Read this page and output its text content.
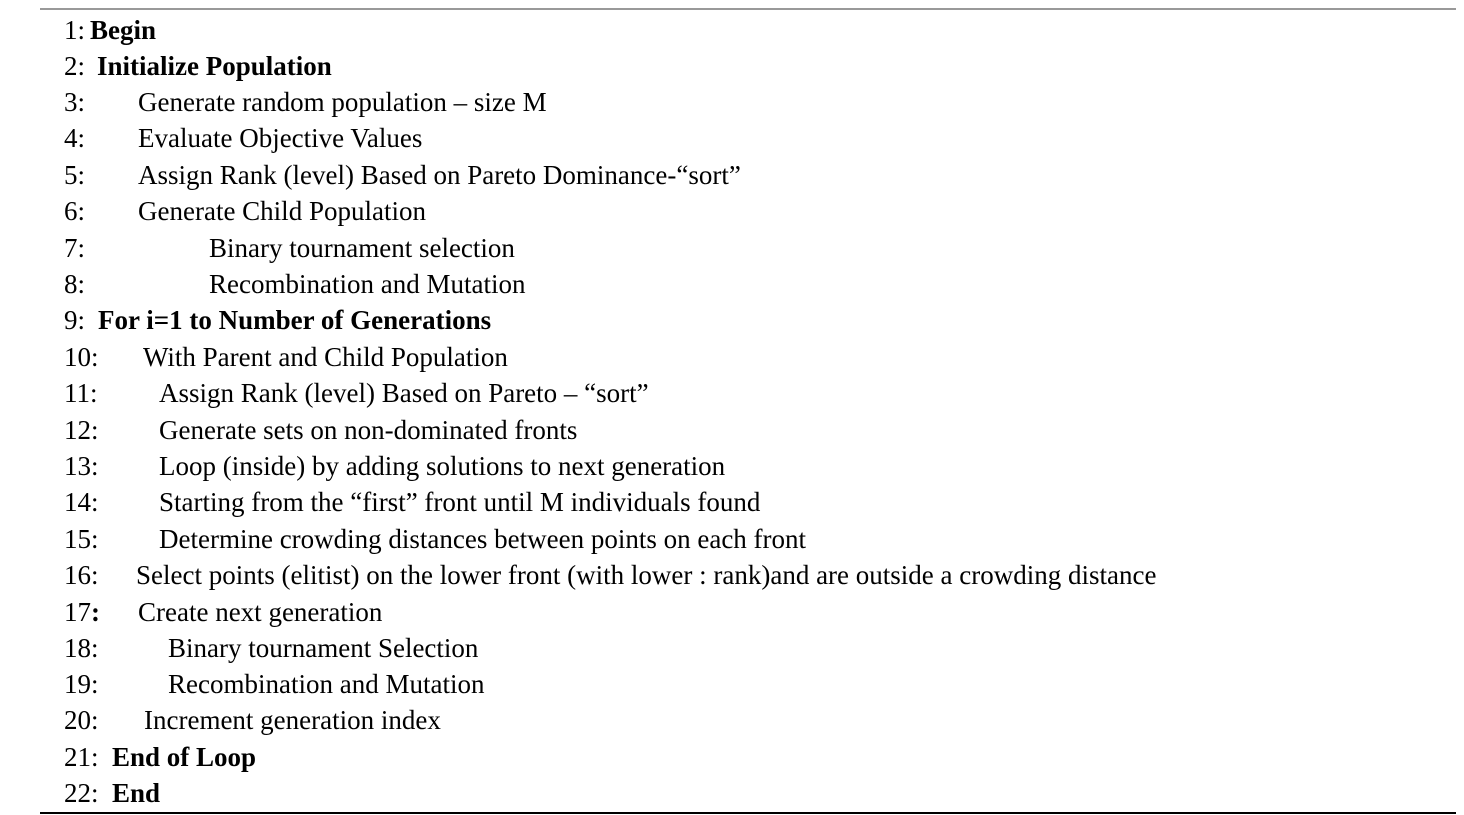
1: Begin
2: Initialize Population
3: Generate random population – size M
4: Evaluate Objective Values
5: Assign Rank (level) Based on Pareto Dominance-“sort”
6: Generate Child Population
7:	Binary tournament selection
8:	Recombination and Mutation
9: For i=1 to Number of Generations
10: With Parent and Child Population
11: Assign Rank (level) Based on Pareto – “sort”
12: Generate sets on non-dominated fronts
13: Loop (inside) by adding solutions to next generation
14: Starting from the “first” front until M individuals found
15: Determine crowding distances between points on each front
16: Select points (elitist) on the lower front (with lower : rank)and are outside a crowding distance
17: Create next generation
18:	Binary tournament Selection
19:	Recombination and Mutation
20: Increment generation index
21: End of Loop
22: End
